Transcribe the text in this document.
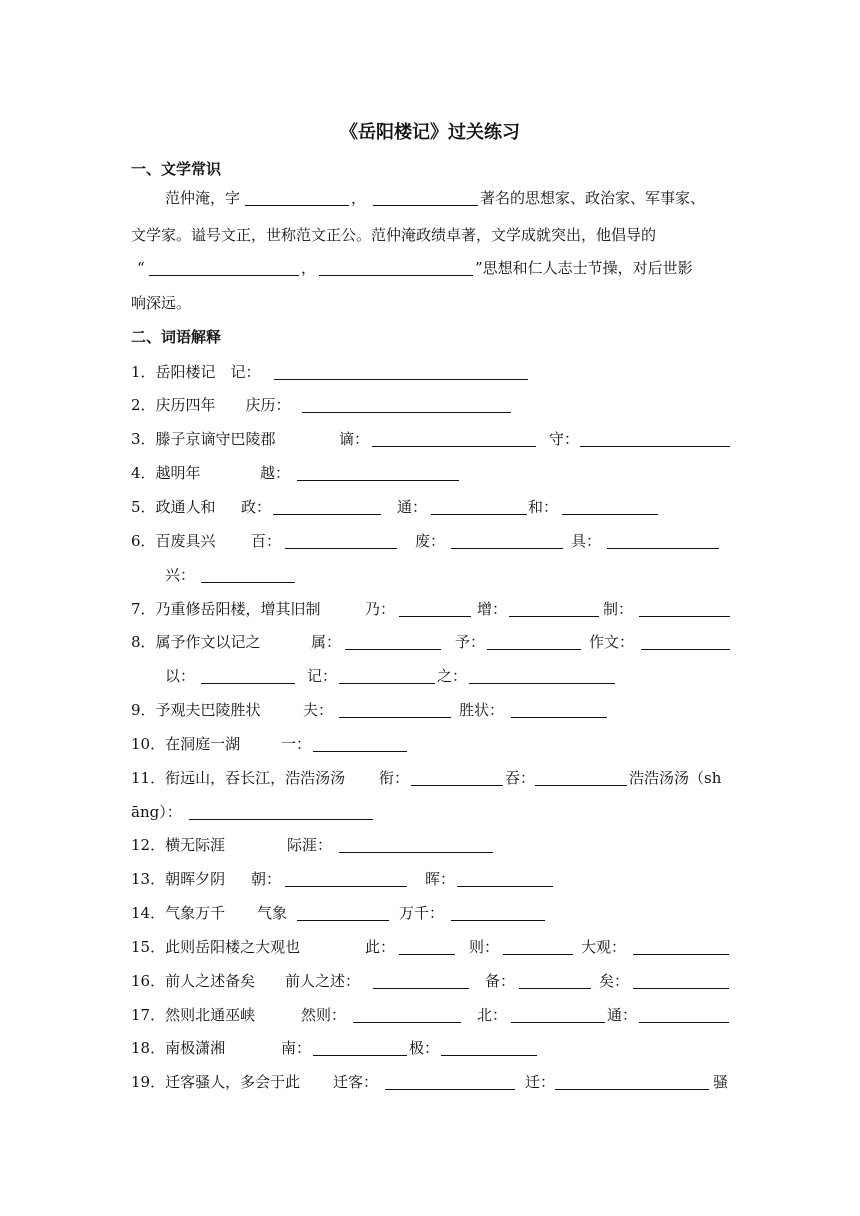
《岳阳楼记》过关练习
一、文学常识
范仲淹，字	，	著名的思想家、政治家、军事家、
文学家。谥号文正，世称范文正公。范仲淹政绩卓著，文学成就突出，他倡导的
“	，	”思想和仁人志士节操，对后世影
响深远。
二、词语解释
1．岳阳楼记　记：
2．庆历四年　　庆历：
3．滕子京谪守巴陵郡	谪：	守：
4．越明年	越：
5．政通人和 政：	通：	和：
6．百废具兴 百：	废：	具：
兴：
7．乃重修岳阳楼，增其旧制	乃：	增：	制：
8．属予作文以记之	属：	予：	作文：
以：	记：	之：
9．予观夫巴陵胜状	夫：	胜状：
10．在洞庭一湖	一：
11．衔远山，吞长江，浩浩汤汤 衔：	吞：	浩浩汤汤（sh
āng）：
12．横无际涯	际涯：
13．朝晖夕阴 朝：	晖：
14．气象万千 气象	万千：
15．此则岳阳楼之大观也	此：	则：	大观：
16．前人之述备矣 前人之述：	备：	矣：
17．然则北通巫峡	然则：	北：	通：
18．南极潇湘	南：	极：
19．迁客骚人，多会于此 迁客：	迁：	骚
